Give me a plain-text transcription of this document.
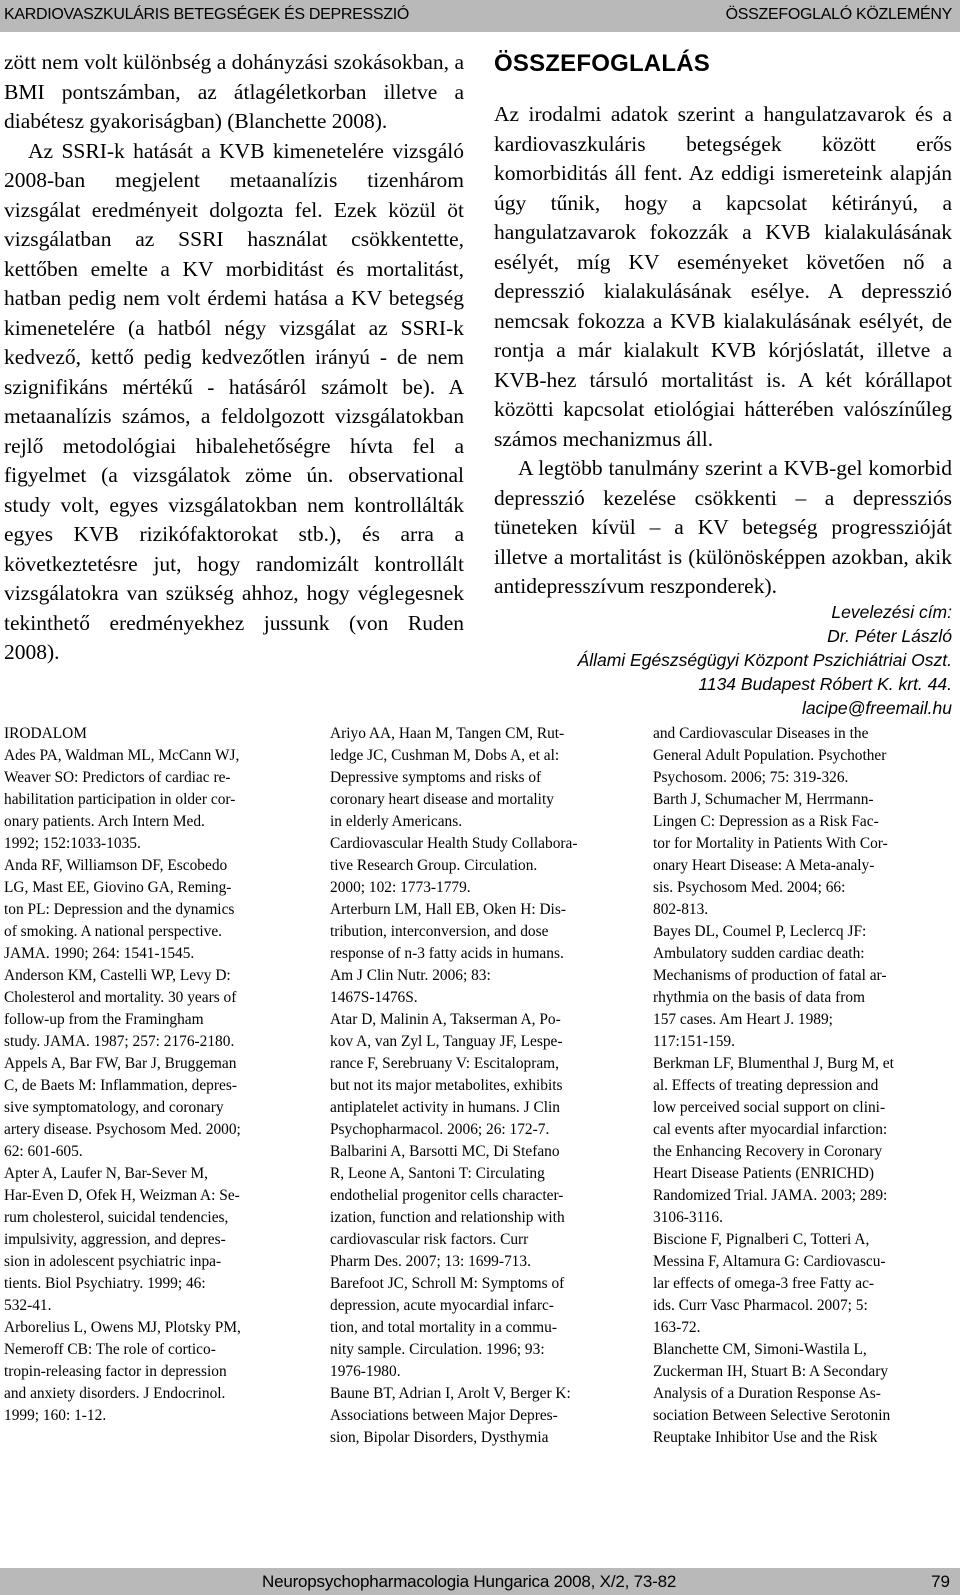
KARDIOVASZKULÁRIS BETEGSÉGEK ÉS DEPRESSZIÓ	ÖSSZEFOGLALÓ KÖZLEMÉNY

zött nem volt különbség a dohányzási szokásokban, a BMI pontszámban, az átlagéletkorban illetve a diabétesz gyakoriságban) (Blanchette 2008).

Az SSRI-k hatását a KVB kimenetelére vizsgáló 2008-ban megjelent metaanalízis tizenhárom vizsgálat eredményeit dolgozta fel. Ezek közül öt vizsgálatban az SSRI használat csökkentette, kettőben emelte a KV morbiditást és mortalitást, hatban pedig nem volt érdemi hatása a KV betegség kimenetelére (a hatból négy vizsgálat az SSRI-k kedvező, kettő pedig kedvezőtlen irányú - de nem szignifikáns mértékű - hatásáról számolt be). A metaanalízis számos, a feldolgozott vizsgálatokban rejlő metodológiai hibalehetőségre hívta fel a figyelmet (a vizsgálatok zöme ún. observational study volt, egyes vizsgálatokban nem kontrollálták egyes KVB rizikófaktorokat stb.), és arra a következtetésre jut, hogy randomizált kontrollált vizsgálatokra van szükség ahhoz, hogy véglegesnek tekinthető eredményekhez jussunk (von Ruden 2008).

ÖSSZEFOGLALÁS

Az irodalmi adatok szerint a hangulatzavarok és a kardiovaszkuláris betegségek között erős komorbiditás áll fent. Az eddigi ismereteink alapján úgy tűnik, hogy a kapcsolat kétirányú, a hangulatzavarok fokozzák a KVB kialakulásának esélyét, míg KV eseményeket követően nő a depresszió kialakulásának esélye. A depresszió nemcsak fokozza a KVB kialakulásának esélyét, de rontja a már kialakult KVB kórjóslatát, illetve a KVB-hez társuló mortalitást is. A két kórállapot közötti kapcsolat etiológiai hátterében valószínűleg számos mechanizmus áll.

A legtöbb tanulmány szerint a KVB-gel komorbid depresszió kezelése csökkenti – a depressziós tüneteken kívül – a KV betegség progresszióját illetve a mortalitást is (különösképpen azokban, akik antidepresszívum reszponderek).

Levelezési cím:
Dr. Péter László
Állami Egészségügyi Központ Pszichiátriai Oszt.
1134 Budapest Róbert K. krt. 44.
lacipe@freemail.hu

IRODALOM

Ades PA, Waldman ML, McCann WJ,
Weaver SO: Predictors of cardiac re-
habilitation participation in older cor-
onary patients. Arch Intern Med.
1992; 152:1033-1035.

Anda RF, Williamson DF, Escobedo
LG, Mast EE, Giovino GA, Reming-
ton PL: Depression and the dynamics
of smoking. A national perspective.
JAMA. 1990; 264: 1541-1545.

Anderson KM, Castelli WP, Levy D:
Cholesterol and mortality. 30 years of
follow-up from the Framingham
study. JAMA. 1987; 257: 2176-2180.

Appels A, Bar FW, Bar J, Bruggeman
C, de Baets M: Inflammation, depres-
sive symptomatology, and coronary
artery disease. Psychosom Med. 2000;
62: 601-605.

Apter A, Laufer N, Bar-Sever M,
Har-Even D, Ofek H, Weizman A: Se-
rum cholesterol, suicidal tendencies,
impulsivity, aggression, and depres-
sion in adolescent psychiatric inpa-
tients. Biol Psychiatry. 1999; 46:
532-41.

Arborelius L, Owens MJ, Plotsky PM,
Nemeroff CB: The role of cortico-
tropin-releasing factor in depression
and anxiety disorders. J Endocrinol.
1999; 160: 1-12.

Ariyo AA, Haan M, Tangen CM, Rut-
ledge JC, Cushman M, Dobs A, et al:
Depressive symptoms and risks of
coronary heart disease and mortality
in elderly Americans.

Cardiovascular Health Study Collabora-
tive Research Group. Circulation.
2000; 102: 1773-1779.

Arterburn LM, Hall EB, Oken H: Dis-
tribution, interconversion, and dose
response of n-3 fatty acids in humans.
Am J Clin Nutr. 2006; 83:
1467S-1476S.

Atar D, Malinin A, Takserman A, Po-
kov A, van Zyl L, Tanguay JF, Lespe-
rance F, Serebruany V: Escitalopram,
but not its major metabolites, exhibits
antiplatelet activity in humans. J Clin
Psychopharmacol. 2006; 26: 172-7.

Balbarini A, Barsotti MC, Di Stefano
R, Leone A, Santoni T: Circulating
endothelial progenitor cells character-
ization, function and relationship with
cardiovascular risk factors. Curr
Pharm Des. 2007; 13: 1699-713.

Barefoot JC, Schroll M: Symptoms of
depression, acute myocardial infarc-
tion, and total mortality in a commu-
nity sample. Circulation. 1996; 93:
1976-1980.

Baune BT, Adrian I, Arolt V, Berger K:
Associations between Major Depres-
sion, Bipolar Disorders, Dysthymia

and Cardiovascular Diseases in the
General Adult Population. Psychother
Psychosom. 2006; 75: 319-326.

Barth J, Schumacher M, Herrmann-
Lingen C: Depression as a Risk Fac-
tor for Mortality in Patients With Cor-
onary Heart Disease: A Meta-analy-
sis. Psychosom Med. 2004; 66:
802-813.

Bayes DL, Coumel P, Leclercq JF:
Ambulatory sudden cardiac death:
Mechanisms of production of fatal ar-
rhythmia on the basis of data from
157 cases. Am Heart J. 1989;
117:151-159.

Berkman LF, Blumenthal J, Burg M, et
al. Effects of treating depression and
low perceived social support on clini-
cal events after myocardial infarction:
the Enhancing Recovery in Coronary
Heart Disease Patients (ENRICHD)
Randomized Trial. JAMA. 2003; 289:
3106-3116.

Biscione F, Pignalberi C, Totteri A,
Messina F, Altamura G: Cardiovascu-
lar effects of omega-3 free Fatty ac-
ids. Curr Vasc Pharmacol. 2007; 5:
163-72.

Blanchette CM, Simoni-Wastila L,
Zuckerman IH, Stuart B: A Secondary
Analysis of a Duration Response As-
sociation Between Selective Serotonin
Reuptake Inhibitor Use and the Risk

Neuropsychopharmacologia Hungarica 2008, X/2, 73-82	79
